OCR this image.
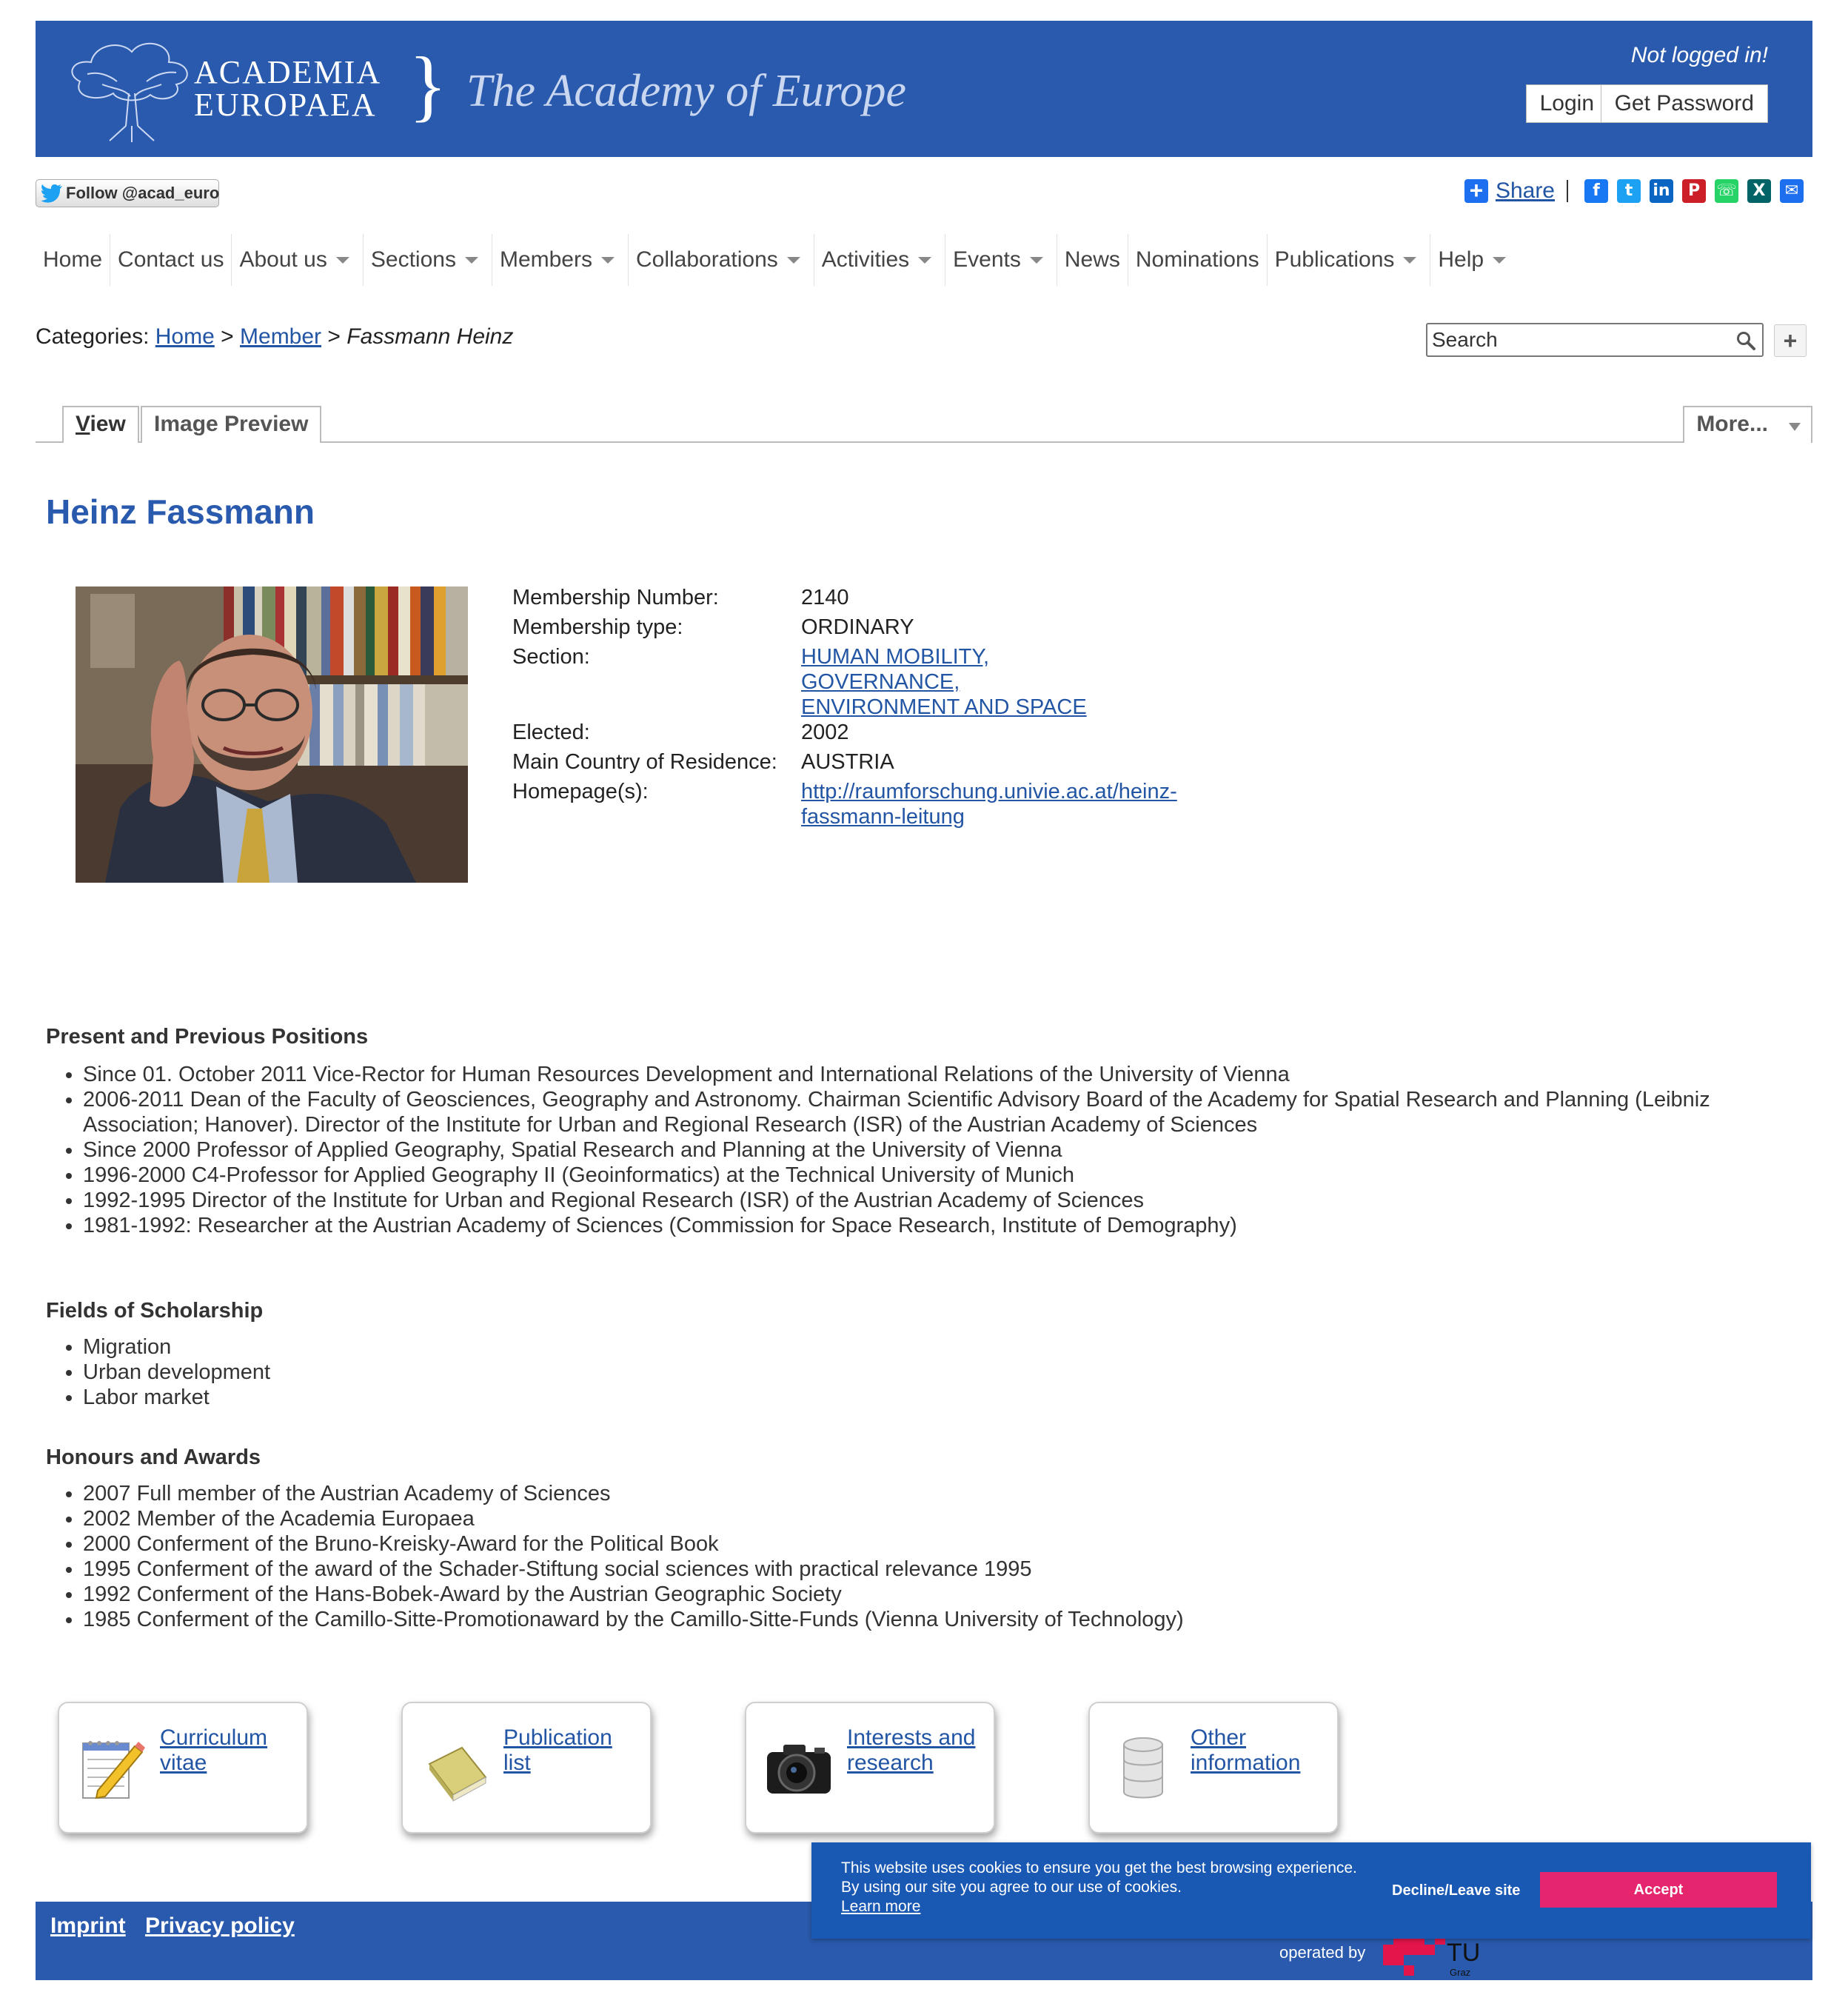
ACADEMIA
EUROPAEA } The Academy of Europe
Not logged in!
Login Get Password
Follow @acad_euro	+ Share	f	t	in	P	☏ X	✉
Home Contact us About us Sections Members Collaborations Activities Events News Nominations Publications Help
Categories: Home > Member > Fassmann Heinz
Search	+
View	Image Preview	More...
Heinz Fassmann
Membership Number:	2140
Membership type:	ORDINARY
Section:	HUMAN MOBILITY,
GOVERNANCE,
ENVIRONMENT AND SPACE
Elected:	2002
Main Country of Residence: AUSTRIA
Homepage(s):	http://raumforschung.univie.ac.at/heinz-
fassmann-leitung
Present and Previous Positions
• Since 01. October 2011 Vice-Rector for Human Resources Development and International Relations of the University of Vienna
• 2006-2011 Dean of the Faculty of Geosciences, Geography and Astronomy. Chairman Scientific Advisory Board of the Academy for Spatial Research and Planning (Leibniz Association; Hanover). Director of the Institute for Urban and Regional Research (ISR) of the Austrian Academy of Sciences
• Since 2000 Professor of Applied Geography, Spatial Research and Planning at the University of Vienna
• 1996-2000 C4-Professor for Applied Geography II (Geoinformatics) at the Technical University of Munich
• 1992-1995 Director of the Institute for Urban and Regional Research (ISR) of the Austrian Academy of Sciences
• 1981-1992: Researcher at the Austrian Academy of Sciences (Commission for Space Research, Institute of Demography)
Fields of Scholarship
• Migration
• Urban development
• Labor market
Honours and Awards
• 2007 Full member of the Austrian Academy of Sciences
• 2002 Member of the Academia Europaea
• 2000 Conferment of the Bruno-Kreisky-Award for the Political Book
• 1995 Conferment of the award of the Schader-Stiftung social sciences with practical relevance 1995
• 1992 Conferment of the Hans-Bobek-Award by the Austrian Geographic Society
• 1985 Conferment of the Camillo-Sitte-Promotionaward by the Camillo-Sitte-Funds (Vienna University of Technology)
Curriculum vitae
Publication list
Interests and research
Other information
Imprint Privacy policy
operated by	TU
Graz
This website uses cookies to ensure you get the best browsing experience. By using our site you agree to our use of cookies.
Learn more
Decline/Leave site	Accept
